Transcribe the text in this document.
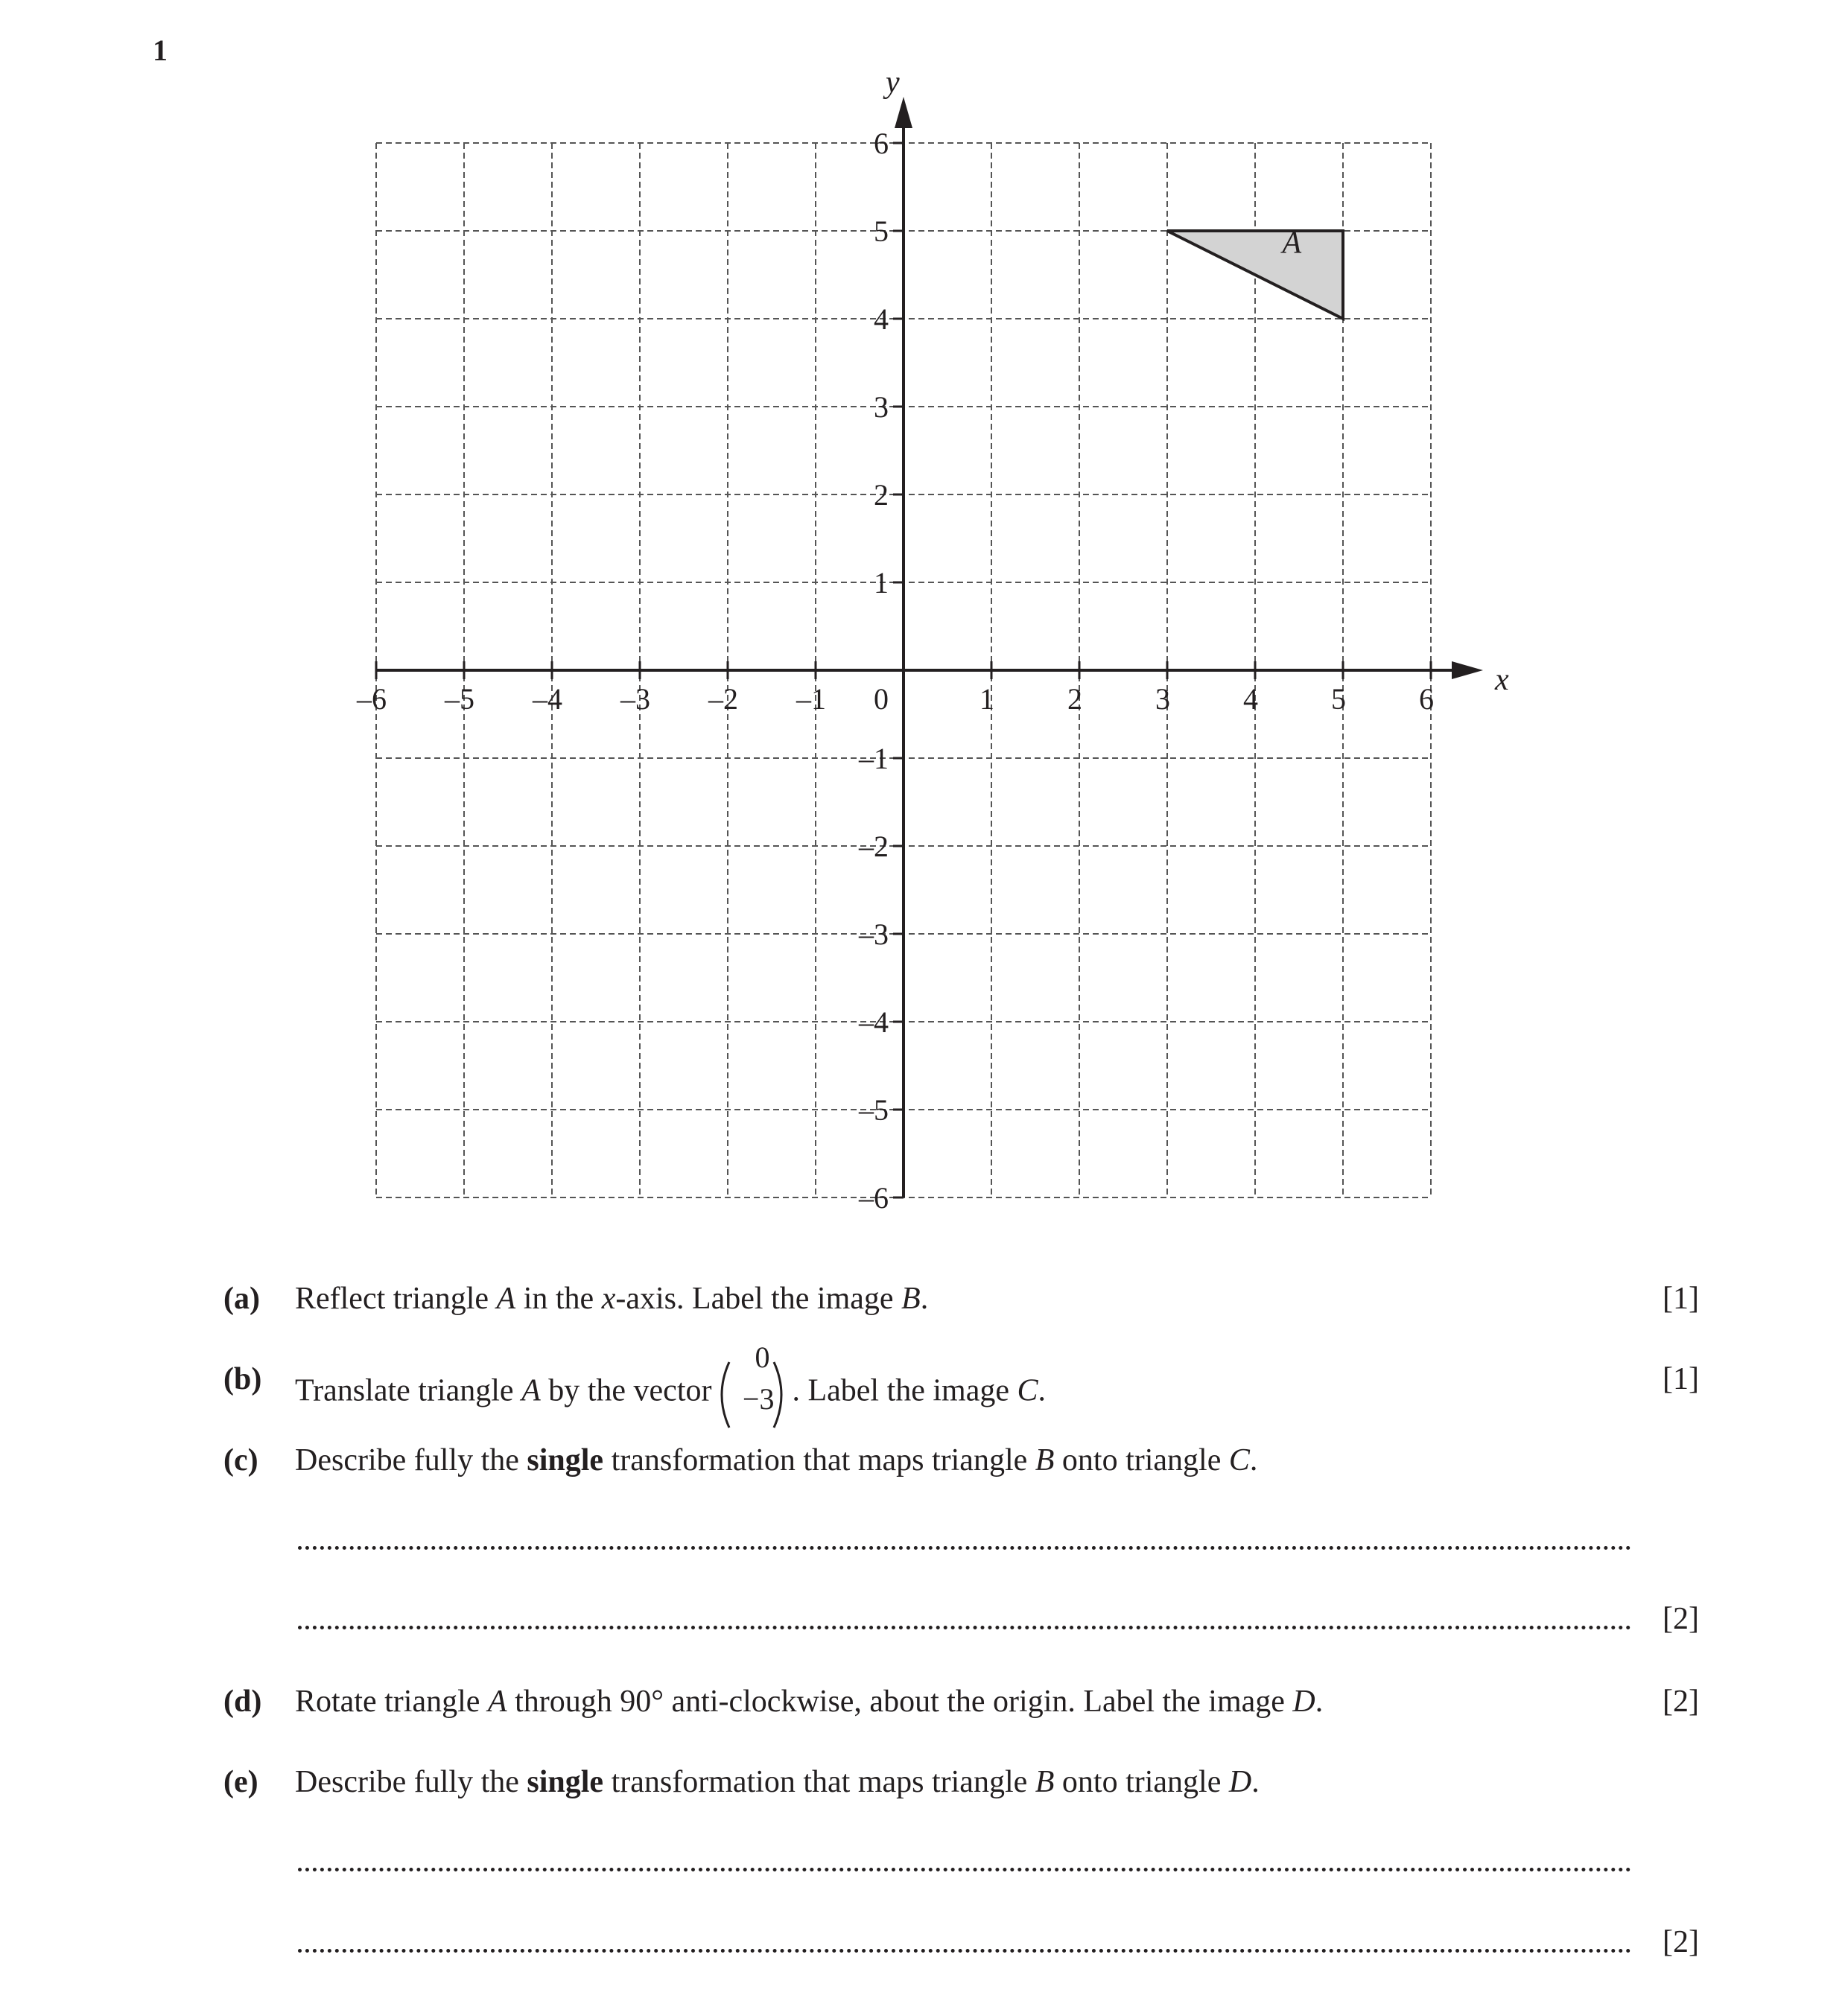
1
A
–6 –5 –4 –3 –2 –1 0	1 2 3 4 5 6
6
5
4
3
2
1
–1
–2
–3
–4
–5
–6
x
y
(a) Reflect triangle A in the x-axis. Label the image B.	[1]
(b) Translate triangle A by the vector
0
−3 . Label the image C.	[1]
(c) Describe fully the single transformation that maps triangle B onto triangle C.
[2]
(d) Rotate triangle A through 90° anti-clockwise, about the origin. Label the image D.	[2]
(e) Describe fully the single transformation that maps triangle B onto triangle D.
[2]
